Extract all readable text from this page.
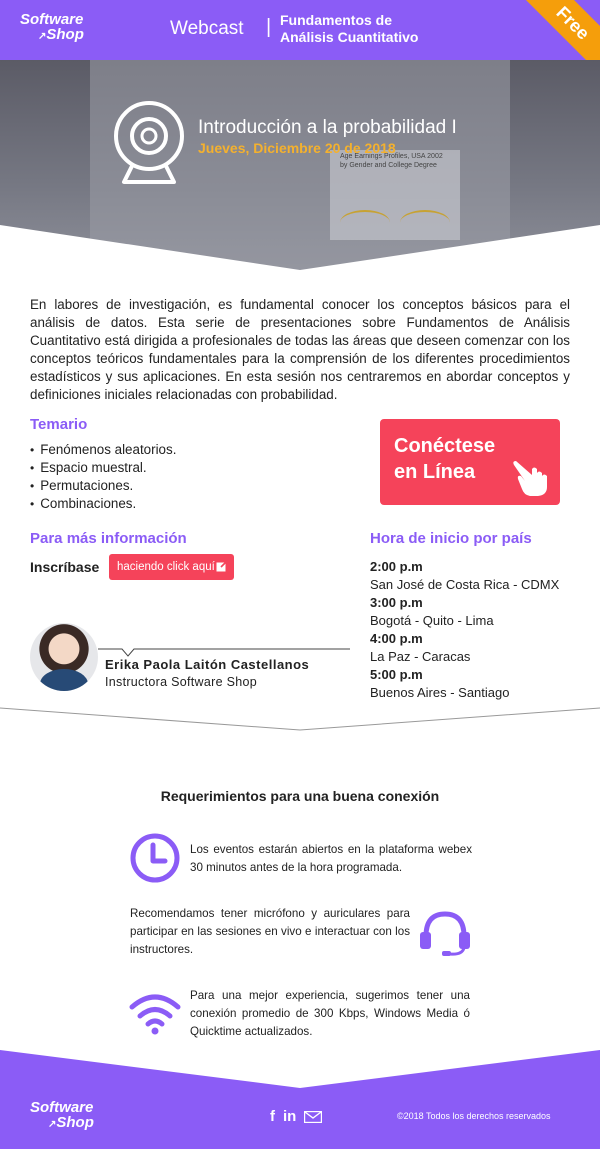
Software
↗Shop	Webcast | Fundamentos de
Análisis Cuantitativo	Free
Age Earnings Profiles, USA 2002
by Gender and College Degree
Introducción a la probabilidad I
Jueves, Diciembre 20 de 2018

En labores de investigación, es fundamental conocer los conceptos básicos para el análisis de datos. Esta serie de presentaciones sobre Fundamentos de Análisis Cuantitativo está dirigida a profesionales de todas las áreas que deseen comenzar con los conceptos teóricos fundamentales para la comprensión de los diferentes procedimientos estadísticos y sus aplicaciones. En esta sesión nos centraremos en abordar conceptos y definiciones iniciales relacionadas con probabilidad.

Temario
• Fenómenos aleatorios.
• Espacio muestral.
• Permutaciones.
• Combinaciones.
Conéctese
en Línea
Para más información
Inscríbase	haciendo click aquí
Erika Paola Laitón Castellanos
Instructora Software Shop
Hora de inicio por país
2:00 p.m
San José de Costa Rica - CDMX
3:00 p.m
Bogotá - Quito - Lima
4:00 p.m
La Paz - Caracas
5:00 p.m
Buenos Aires - Santiago
Requerimientos para una buena conexión
Los eventos estarán abiertos en la plataforma webex 30 minutos antes de la hora programada.
Recomendamos tener micrófono y auriculares para participar en las sesiones en vivo e interactuar con los instructores.
Para una mejor experiencia, sugerimos tener una conexión promedio de 300 Kbps, Windows Media ó Quicktime actualizados.
Software
↗Shop	f in	©2018 Todos los derechos reservados
